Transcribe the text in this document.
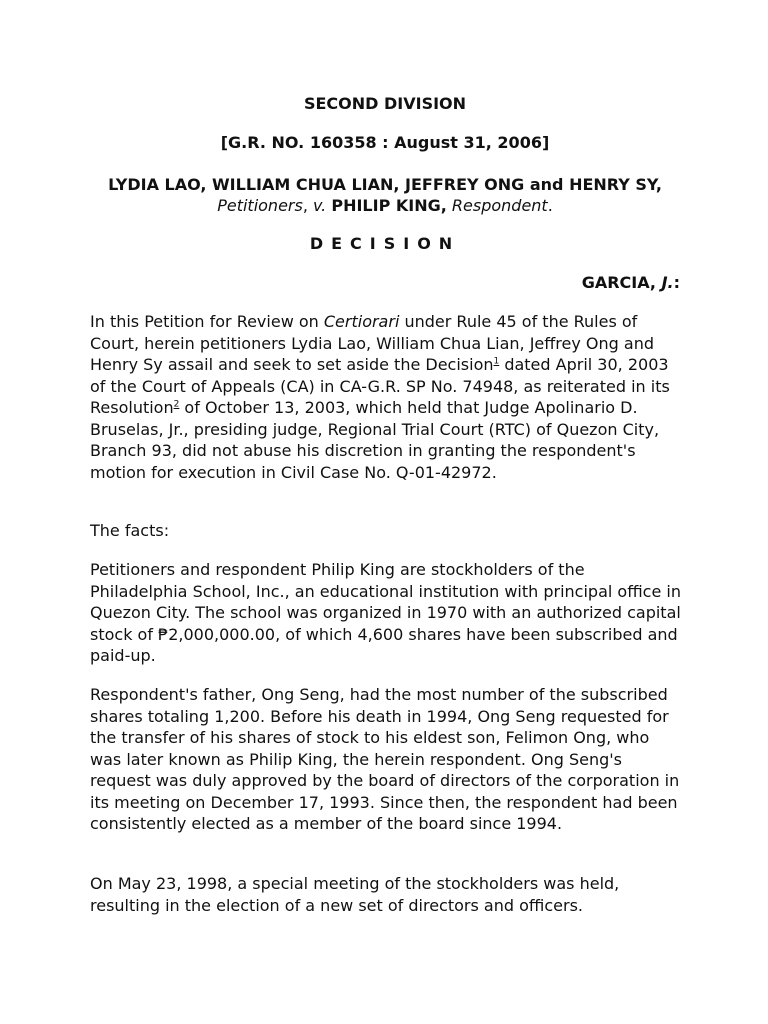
SECOND DIVISION
[G.R. NO. 160358 : August 31, 2006]
LYDIA LAO, WILLIAM CHUA LIAN, JEFFREY ONG and HENRY SY, Petitioners, v. PHILIP KING, Respondent.
DECISION
GARCIA, J.:
In this Petition for Review on Certiorari under Rule 45 of the Rules of Court, herein petitioners Lydia Lao, William Chua Lian, Jeffrey Ong and Henry Sy assail and seek to set aside the Decision$^1$ dated April 30, 2003 of the Court of Appeals (CA) in CA-G.R. SP No. 74948, as reiterated in its Resolution$^2$ of October 13, 2003, which held that Judge Apolinario D. Bruselas, Jr., presiding judge, Regional Trial Court (RTC) of Quezon City, Branch 93, did not abuse his discretion in granting the respondent's motion for execution in Civil Case No. Q-01-42972.
The facts:
Petitioners and respondent Philip King are stockholders of the Philadelphia School, Inc., an educational institution with principal office in Quezon City. The school was organized in 1970 with an authorized capital stock of ₱2,000,000.00, of which 4,600 shares have been subscribed and paid-up.
Respondent's father, Ong Seng, had the most number of the subscribed shares totaling 1,200. Before his death in 1994, Ong Seng requested for the transfer of his shares of stock to his eldest son, Felimon Ong, who was later known as Philip King, the herein respondent. Ong Seng's request was duly approved by the board of directors of the corporation in its meeting on December 17, 1993. Since then, the respondent had been consistently elected as a member of the board since 1994.
On May 23, 1998, a special meeting of the stockholders was held, resulting in the election of a new set of directors and officers.
